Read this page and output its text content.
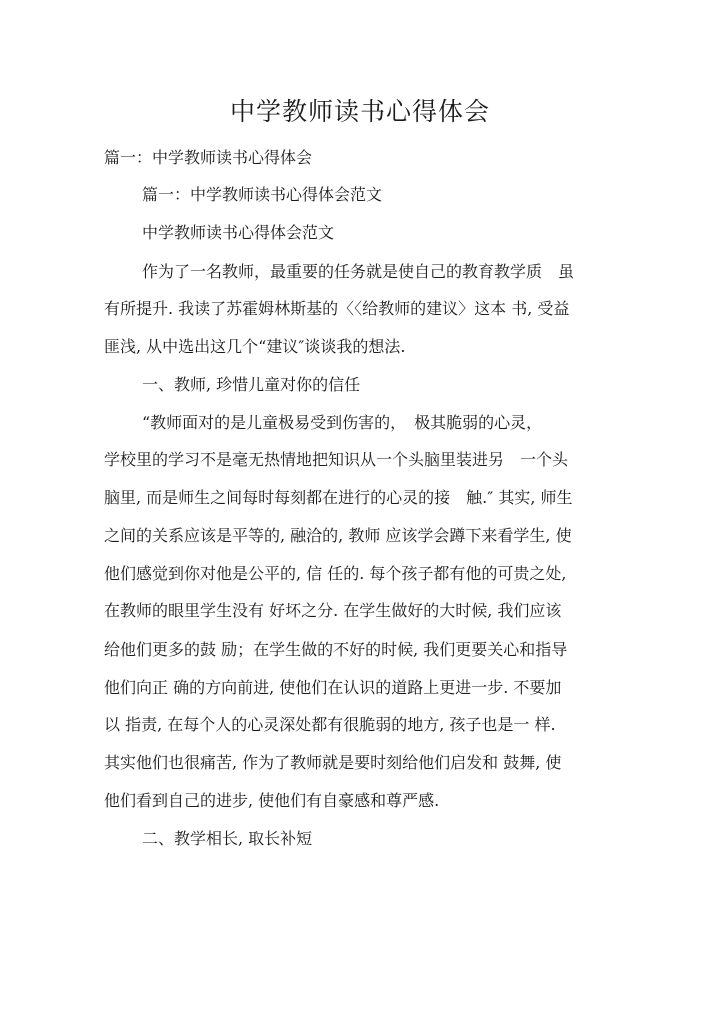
中学教师读书心得体会

篇一：中学教师读书心得体会

篇一：中学教师读书心得体会范文

中学教师读书心得体会范文

作为了一名教师，最重要的任务就是使自己的教育教学质　虽

有所提升. 我读了苏霍姆林斯基的〈〈给教师的建议〉这本 书, 受益

匪浅, 从中选出这几个“建议″谈谈我的想法.

一、教师, 珍惜儿童对你的信任

“教师面对的是儿童极易受到伤害的，　极其脆弱的心灵，

学校里的学习不是毫无热情地把知识从一个头脑里装进另　一个头

脑里, 而是师生之间每时每刻都在进行的心灵的接　触.″ 其实, 师生

之间的关系应该是平等的, 融洽的, 教师 应该学会蹲下来看学生, 使

他们感觉到你对他是公平的, 信 任的. 每个孩子都有他的可贵之处,

在教师的眼里学生没有 好坏之分. 在学生做好的大时候, 我们应该

给他们更多的鼓 励；在学生做的不好的时候, 我们更要关心和指导

他们向正 确的方向前进, 使他们在认识的道路上更进一步. 不要加

以 指责, 在每个人的心灵深处都有很脆弱的地方, 孩子也是一 样.

其实他们也很痛苦, 作为了教师就是要时刻给他们启发和 鼓舞, 使

他们看到自己的进步, 使他们有自豪感和尊严感.

二、教学相长, 取长补短
